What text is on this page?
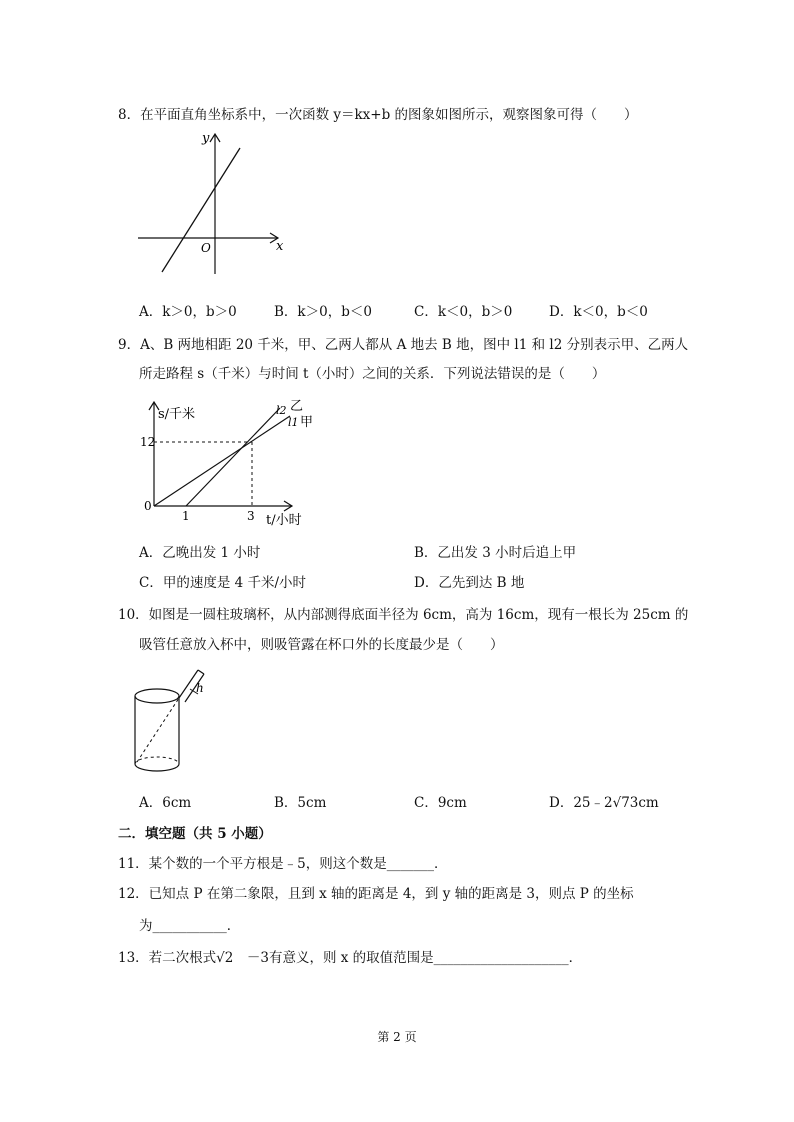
8．在平面直角坐标系中，一次函数 y＝kx+b 的图象如图所示，观察图象可得（　　）
y
x
O
A．k＞0，b＞0	B．k＞0，b＜0	C．k＜0，b＞0	D．k＜0，b＜0
9．A、B 两地相距 20 千米，甲、乙两人都从 A 地去 B 地，图中 l1 和 l2 分别表示甲、乙两人
所走路程 s（千米）与时间 t（小时）之间的关系．下列说法错误的是（　　）
s/千米
12
0
1	3 t/小时
l2 乙
l1 甲
A．乙晚出发 1 小时	B．乙出发 3 小时后追上甲
C．甲的速度是 4 千米/小时	D．乙先到达 B 地
10．如图是一圆柱玻璃杯，从内部测得底面半径为 6cm，高为 16cm，现有一根长为 25cm 的
吸管任意放入杯中，则吸管露在杯口外的长度最少是（　　）
h
A．6cm	B．5cm	C．9cm	D．25﹣2√73cm
二．填空题（共 5 小题）
11．某个数的一个平方根是﹣5，则这个数是_______．
12．已知点 P 在第二象限，且到 x 轴的距离是 4，到 y 轴的距离是 3，则点 P 的坐标
为___________．
13．若二次根式√2　－3有意义，则 x 的取值范围是____________________．
第 2 页
